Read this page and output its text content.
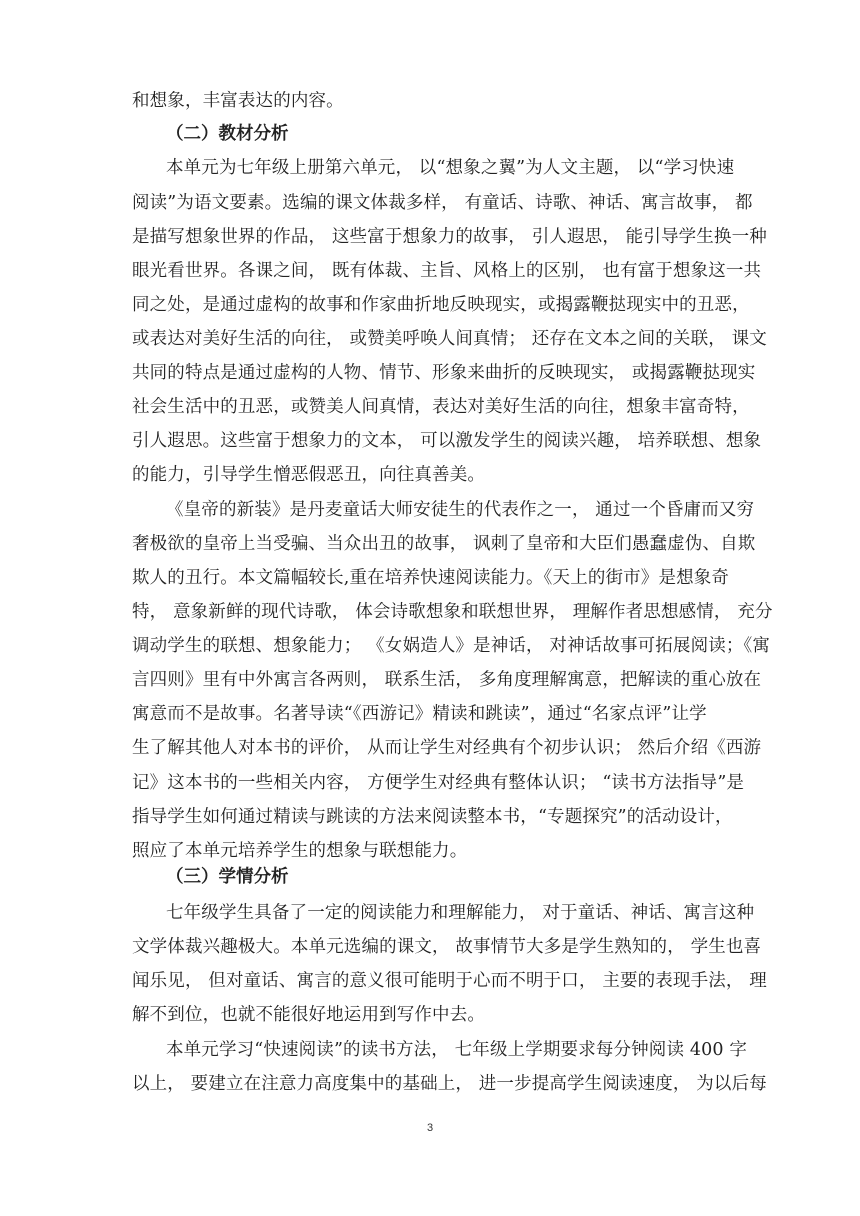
和想象，丰富表达的内容。
（二）教材分析
本单元为七年级上册第六单元， 以“想象之翼”为人文主题， 以“学习快速
阅读”为语文要素。选编的课文体裁多样， 有童话、诗歌、神话、寓言故事， 都
是描写想象世界的作品， 这些富于想象力的故事， 引人遐思， 能引导学生换一种
眼光看世界。各课之间， 既有体裁、主旨、风格上的区别， 也有富于想象这一共
同之处，是通过虚构的故事和作家曲折地反映现实，或揭露鞭挞现实中的丑恶，
或表达对美好生活的向往， 或赞美呼唤人间真情； 还存在文本之间的关联， 课文
共同的特点是通过虚构的人物、情节、形象来曲折的反映现实， 或揭露鞭挞现实
社会生活中的丑恶，或赞美人间真情，表达对美好生活的向往，想象丰富奇特，
引人遐思。这些富于想象力的文本， 可以激发学生的阅读兴趣， 培养联想、想象
的能力，引导学生憎恶假恶丑，向往真善美。
《皇帝的新装》是丹麦童话大师安徒生的代表作之一， 通过一个昏庸而又穷
奢极欲的皇帝上当受骗、当众出丑的故事， 讽刺了皇帝和大臣们愚蠢虚伪、自欺
欺人的丑行。本文篇幅较长,重在培养快速阅读能力。《天上的街市》是想象奇
特， 意象新鲜的现代诗歌， 体会诗歌想象和联想世界， 理解作者思想感情， 充分
调动学生的联想、想象能力； 《女娲造人》是神话， 对神话故事可拓展阅读；《寓
言四则》里有中外寓言各两则， 联系生活， 多角度理解寓意，把解读的重心放在
寓意而不是故事。名著导读“《西游记》精读和跳读”，通过“名家点评”让学
生了解其他人对本书的评价， 从而让学生对经典有个初步认识； 然后介绍《西游
记》这本书的一些相关内容， 方便学生对经典有整体认识； “读书方法指导”是
指导学生如何通过精读与跳读的方法来阅读整本书，“专题探究”的活动设计，
照应了本单元培养学生的想象与联想能力。
（三）学情分析
七年级学生具备了一定的阅读能力和理解能力， 对于童话、神话、寓言这种
文学体裁兴趣极大。本单元选编的课文， 故事情节大多是学生熟知的， 学生也喜
闻乐见， 但对童话、寓言的意义很可能明于心而不明于口， 主要的表现手法， 理
解不到位，也就不能很好地运用到写作中去。
本单元学习“快速阅读”的读书方法， 七年级上学期要求每分钟阅读 400 字
以上， 要建立在注意力高度集中的基础上， 进一步提高学生阅读速度， 为以后每
3
